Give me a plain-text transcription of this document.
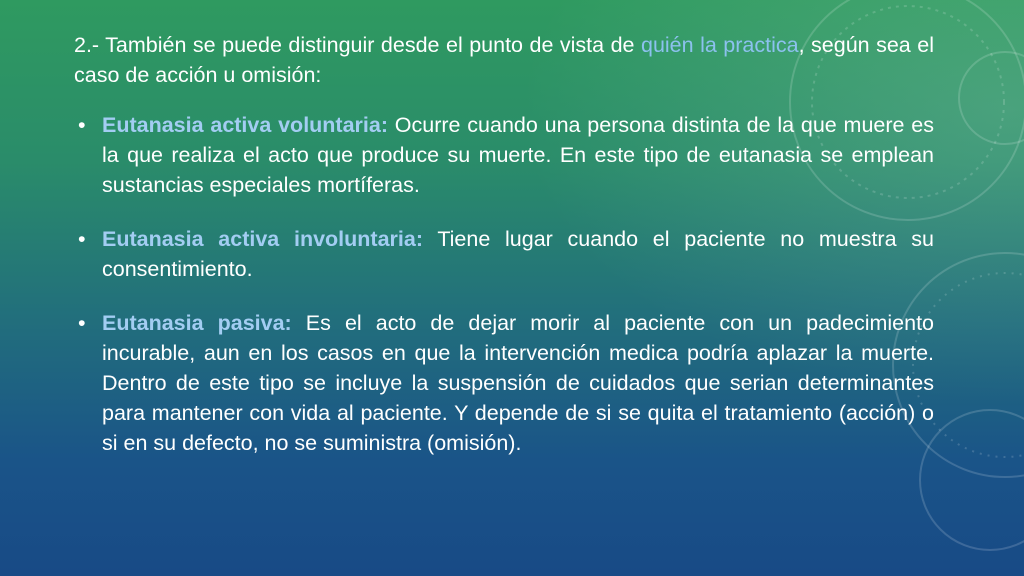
2.- También se puede distinguir desde el punto de vista de quién la practica, según sea el caso de acción u omisión:

• Eutanasia activa voluntaria: Ocurre cuando una persona distinta de la que muere es la que realiza el acto que produce su muerte. En este tipo de eutanasia se emplean sustancias especiales mortíferas.
• Eutanasia activa involuntaria: Tiene lugar cuando el paciente no muestra su consentimiento.
• Eutanasia pasiva: Es el acto de dejar morir al paciente con un padecimiento incurable, aun en los casos en que la intervención medica podría aplazar la muerte. Dentro de este tipo se incluye la suspensión de cuidados que serian determinantes para mantener con vida al paciente. Y depende de si se quita el tratamiento (acción) o si en su defecto, no se suministra (omisión).
